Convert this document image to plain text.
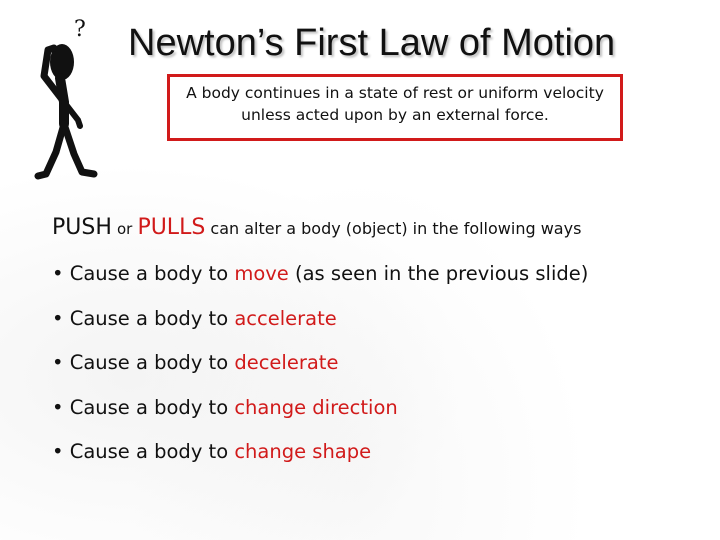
? Newton’s First Law of Motion
A body continues in a state of rest or uniform velocity unless acted upon by an external force.
PUSH or PULLS can alter a body (object) in the following ways
• Cause a body to move (as seen in the previous slide)
• Cause a body to accelerate
• Cause a body to decelerate
• Cause a body to change direction
• Cause a body to change shape
